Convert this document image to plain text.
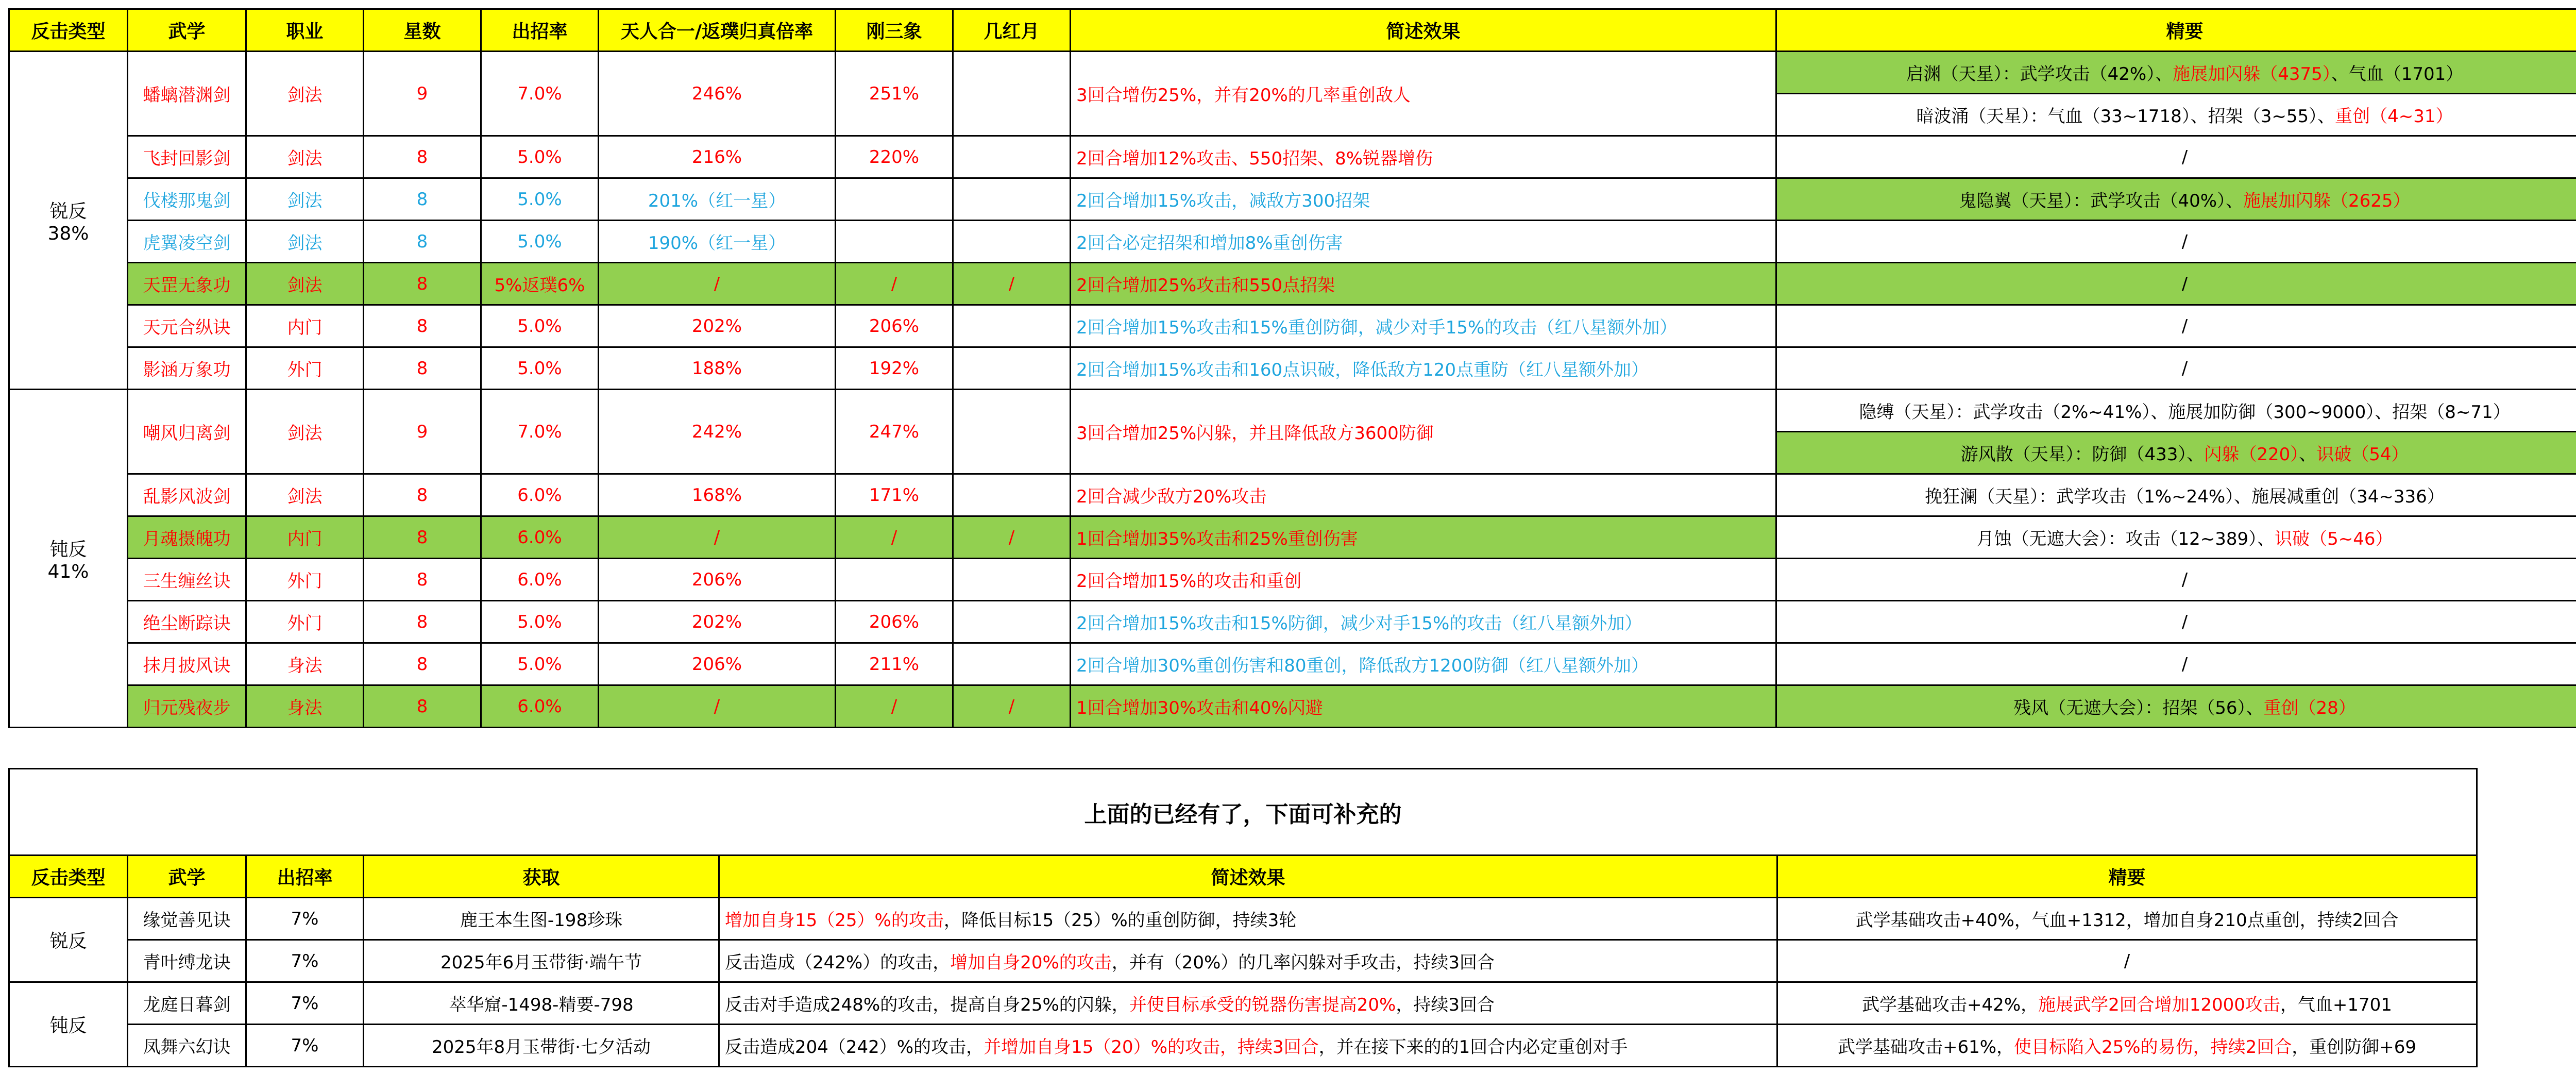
反击类型	武学	职业	星数	出招率	天人合一/返璞归真倍率	刚三象	几红月	简述效果	精要

锐反
38%	蟠螭潜渊剑	剑法	9	7.0%	246%	251%		3回合增伤25%，并有20%的几率重创敌人	启渊（天星）：武学攻击（42%）、施展加闪躲（4375）、气血（1701）
									暗波涌（天星）：气血（33~1718）、招架（3~55）、重创（4~31）
	飞封回影剑	剑法	8	5.0%	216%	220%		2回合增加12%攻击、550招架、8%锐器增伤	/
	伐楼那鬼剑	剑法	8	5.0%	201%（红一星）			2回合增加15%攻击，减敌方300招架	鬼隐翼（天星）：武学攻击（40%）、施展加闪躲（2625）
	虎翼凌空剑	剑法	8	5.0%	190%（红一星）			2回合必定招架和增加8%重创伤害	/
	天罡无象功	剑法	8	5%返璞6%	/	/	/	2回合增加25%攻击和550点招架	/
	天元合纵诀	内门	8	5.0%	202%	206%		2回合增加15%攻击和15%重创防御，减少对手15%的攻击（红八星额外加）	/
	影涵万象功	外门	8	5.0%	188%	192%		2回合增加15%攻击和160点识破，降低敌方120点重防（红八星额外加）	/

钝反
41%	嘲风归离剑	剑法	9	7.0%	242%	247%		3回合增加25%闪躲，并且降低敌方3600防御	隐缚（天星）：武学攻击（2%~41%）、施展加防御（300~9000）、招架（8~71）
									游风散（天星）：防御（433）、闪躲（220）、识破（54）
	乱影风波剑	剑法	8	6.0%	168%	171%		2回合减少敌方20%攻击	挽狂澜（天星）：武学攻击（1%~24%）、施展减重创（34~336）
	月魂摄魄功	内门	8	6.0%	/	/	/	1回合增加35%攻击和25%重创伤害	月蚀（无遮大会）：攻击（12~389）、识破（5~46）
	三生缠丝诀	外门	8	6.0%	206%			2回合增加15%的攻击和重创	/
	绝尘断踪诀	外门	8	5.0%	202%	206%		2回合增加15%攻击和15%防御，减少对手15%的攻击（红八星额外加）	/
	抹月披风诀	身法	8	5.0%	206%	211%		2回合增加30%重创伤害和80重创，降低敌方1200防御（红八星额外加）	/
	归元残夜步	身法	8	6.0%	/	/	/	1回合增加30%攻击和40%闪避	残风（无遮大会）：招架（56）、重创（28）
上面的已经有了，下面可补充的					
反击类型	武学	出招率	获取	简述效果	精要
锐反	缘觉善见诀	7%	鹿王本生图-198珍珠	增加自身15（25）%的攻击，降低目标15（25）%的重创防御，持续3轮	武学基础攻击+40%，气血+1312，增加自身210点重创，持续2回合
	青叶缚龙诀	7%	2025年6月玉带街·端午节	反击造成（242%）的攻击，增加自身20%的攻击，并有（20%）的几率闪躲对手攻击，持续3回合	/
钝反	龙庭日暮剑	7%	萃华窟-1498-精要-798	反击对手造成248%的攻击，提高自身25%的闪躲，并使目标承受的锐器伤害提高20%，持续3回合	武学基础攻击+42%，施展武学2回合增加12000攻击，气血+1701
	凤舞六幻诀	7%	2025年8月玉带街·七夕活动	反击造成204（242）%的攻击，并增加自身15（20）%的攻击，持续3回合，并在接下来的的1回合内必定重创对手	武学基础攻击+61%，使目标陷入25%的易伤，持续2回合，重创防御+69
